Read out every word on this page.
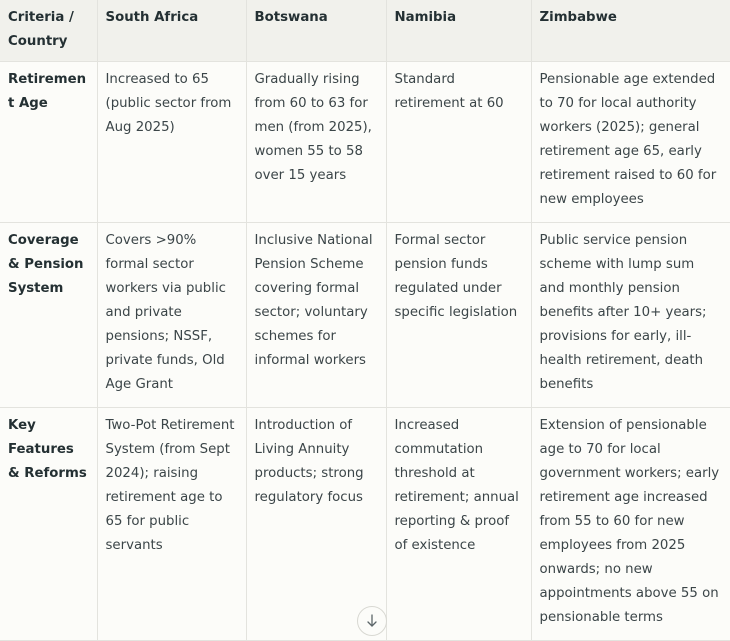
Criteria / Country	South Africa	Botswana	Namibia	Zimbabwe
Retirement Age	Increased to 65 (public sector from Aug 2025)	Gradually rising from 60 to 63 for men (from 2025), women 55 to 58 over 15 years	Standard retirement at 60	Pensionable age extended to 70 for local authority workers (2025); general retirement age 65, early retirement raised to 60 for new employees
Coverage & Pension System	Covers >90% formal sector workers via public and private pensions; NSSF, private funds, Old Age Grant	Inclusive National Pension Scheme covering formal sector; voluntary schemes for informal workers	Formal sector pension funds regulated under specific legislation	Public service pension scheme with lump sum and monthly pension benefits after 10+ years; provisions for early, ill-health retirement, death benefits
Key Features & Reforms	Two-Pot Retirement System (from Sept 2024); raising retirement age to 65 for public servants	Introduction of Living Annuity products; strong regulatory focus	Increased commutation threshold at retirement; annual reporting & proof of existence	Extension of pensionable age to 70 for local government workers; early retirement age increased from 55 to 60 for new employees from 2025 onwards; no new appointments above 55 on pensionable terms
